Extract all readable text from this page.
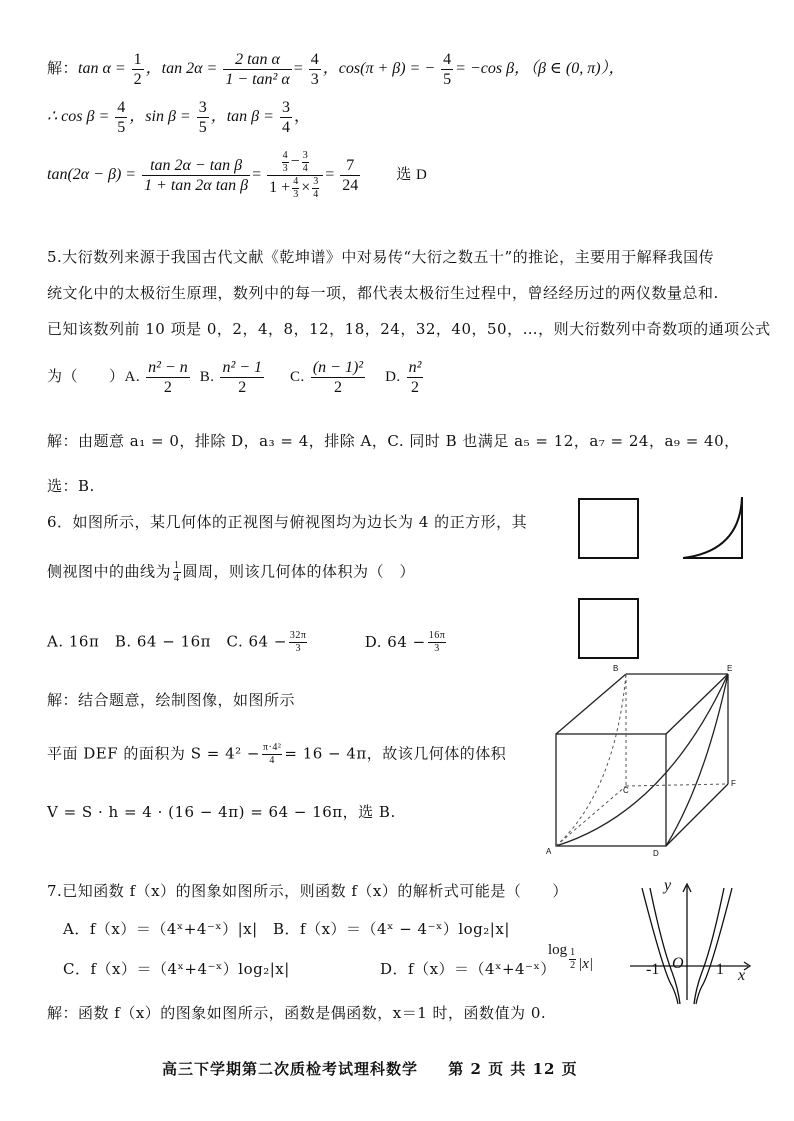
解：$\tan \alpha = \frac{1}{2}$ ，$\tan 2\alpha = \frac{\text{2 tan α}}{\text{1 − tan² α}} = \frac{4}{3}$ ，cos(π + β) = − $\frac{4}{5} = -\cos$ β，（β ∈ (0, π)），
∴ $\cos \beta = \frac{4}{5}$ ，$\sin \beta = \frac{3}{5}$ ，$\tan \beta = \frac{3}{4}$ ，
$\tan(2\alpha - \beta) = \frac{\text{tan 2α − tan β}}{\text{1 + tan 2α tan β}} = \frac{\frac{4}{3} - \frac{3}{4}}{1 + \frac{4}{3} \times \frac{3}{4}} = \frac{7}{24}$ 选 D
5.大衍数列来源于我国古代文献《乾坤谱》中对易传“大衍之数五十”的推论，主要用于解释我国传
统文化中的太极衍生原理，数列中的每一项，都代表太极衍生过程中，曾经经历过的两仪数量总和.
已知该数列前 10 项是 0，2，4，8，12，18，24，32，40，50，…，则大衍数列中奇数项的通项公式
为（　　）A. $\frac{\text{n² − n}}{2} B$. $\frac{\text{n² − 1}}{2} C$. $\frac{\text{(n − 1)²}}{2} D$. $\frac{\text{n²}}{2}$
解：由题意 a₁ = 0，排除 D，a₃ = 4，排除 A，C. 同时 B 也满足 a₅ = 12，a₇ = 24，a₉ = 40，
选：B.
6．如图所示，某几何体的正视图与俯视图均为边长为 4 的正方形，其
侧视图中的曲线为 $\frac{1}{4}$ 圆周，则该几何体的体积为（　）
A. 16π　B. 64 − 16π　C. $64 - \frac{32\pi}{3}$	D. $64 - \frac{16\pi}{3}$
解：结合题意，绘制图像，如图所示
平面 DEF 的面积为 $S = 4^2 - \frac{\text{π·4²}}{4} = 16 - 4\pi$，故该几何体的体积
V = S · h = 4 · (16 − 4π) = 64 − 16π，选 B.
A
B
C
D
E
F
7.已知函数 f（x）的图象如图所示，则函数 f（x）的解析式可能是（　　）
A．f（x）＝（4ˣ+4⁻ˣ）|x| B．f（x）＝（4ˣ − 4⁻ˣ）log₂|x|
C．f（x）＝（4ˣ+4⁻ˣ）log₂|x|	D．f（x）＝（4ˣ+4⁻ˣ）
$\log \frac{1}{2} |x|$
y
x
-1 O 1
解：函数 f（x）的图象如图所示，函数是偶函数，x＝1 时，函数值为 0.
高三下学期第二次质检考试理科数学 第 2 页 共 12 页
